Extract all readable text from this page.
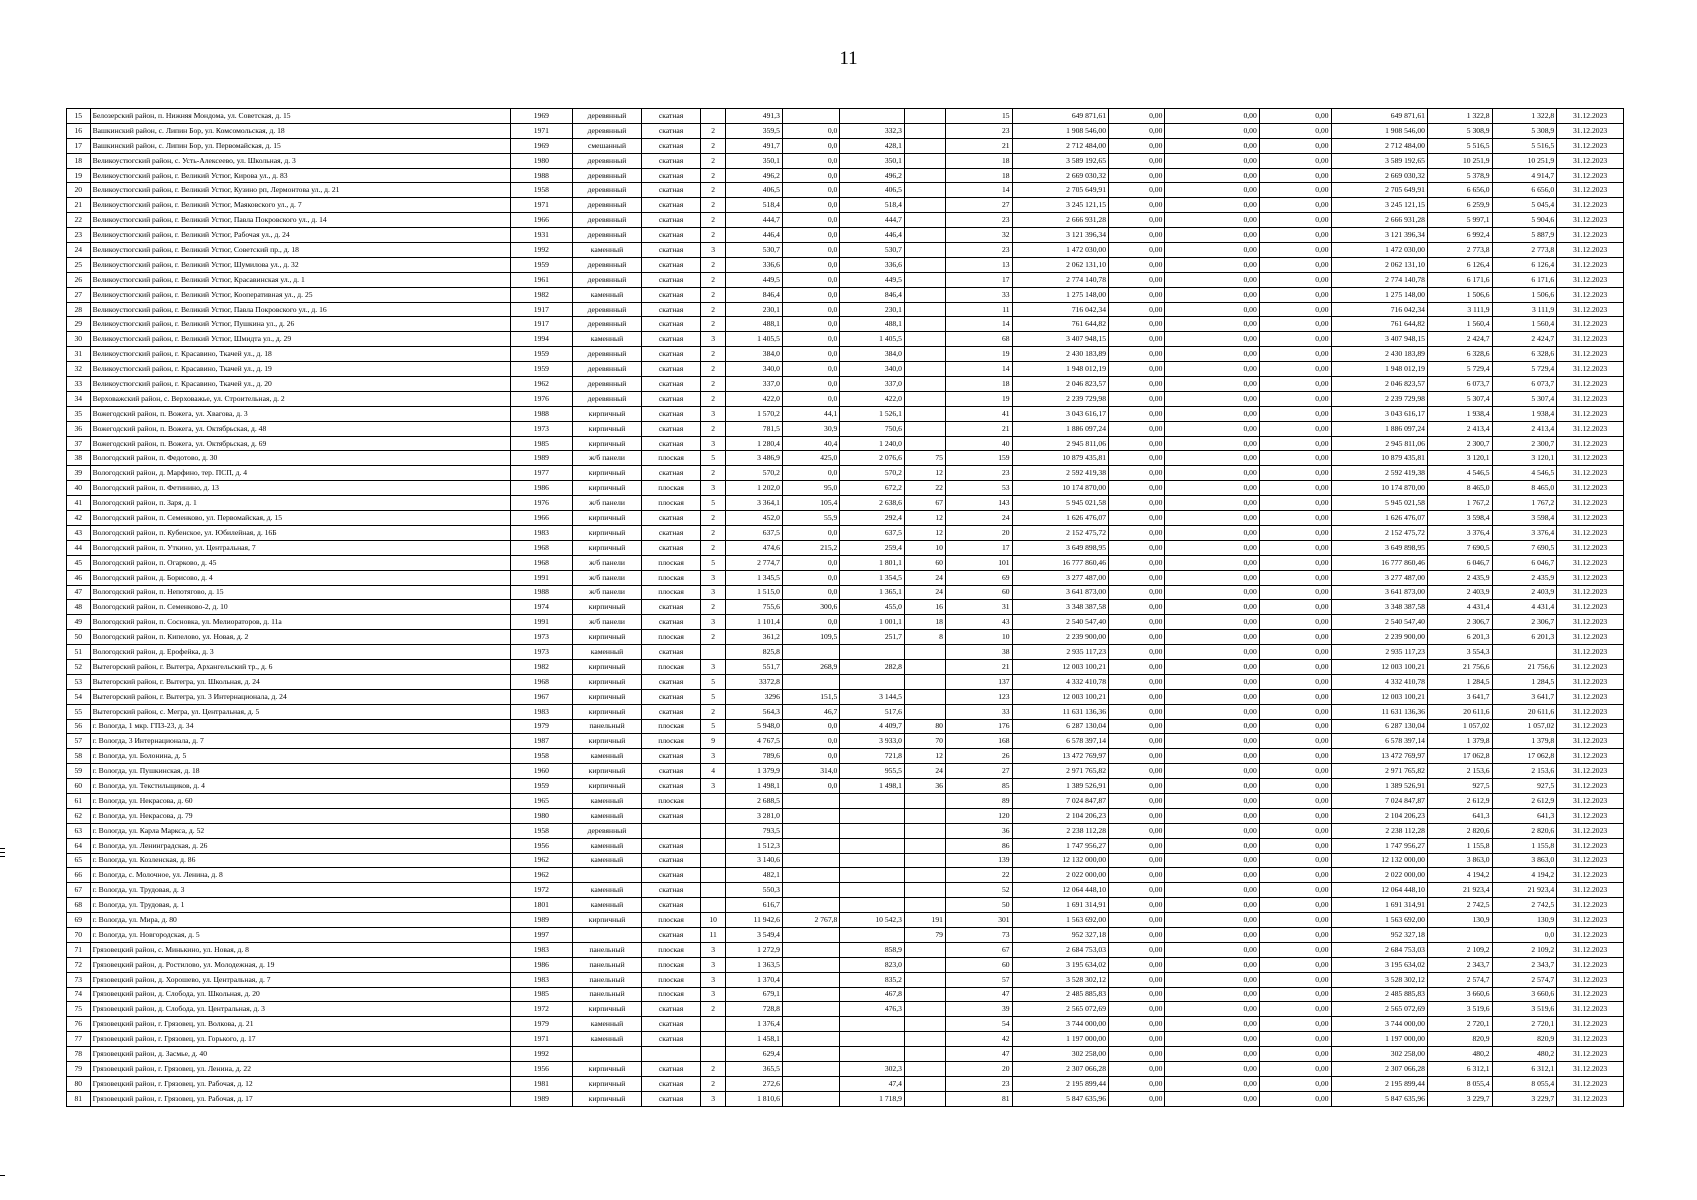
11
15	Белозерский район, п. Нижняя Мондома, ул. Советская, д. 15	1969	деревянный	скатная		491,3				15	649 871,61	0,00	0,00	0,00	649 871,61	1 322,8	1 322,8	31.12.2023
16	Вашкинский район, с. Липин Бор, ул. Комсомольская, д. 18	1971	деревянный	скатная	2	359,5	0,0	332,3		23	1 908 546,00	0,00	0,00	0,00	1 908 546,00	5 308,9	5 308,9	31.12.2023
17	Вашкинский район, с. Липин Бор, ул. Первомайская, д. 15	1969	смешанный	скатная	2	491,7	0,0	428,1		21	2 712 484,00	0,00	0,00	0,00	2 712 484,00	5 516,5	5 516,5	31.12.2023
18	Великоустюгский район, с. Усть-Алексеево, ул. Школьная, д. 3	1980	деревянный	скатная	2	350,1	0,0	350,1		18	3 589 192,65	0,00	0,00	0,00	3 589 192,65	10 251,9	10 251,9	31.12.2023
19	Великоустюгский район, г. Великий Устюг, Кирова ул., д. 83	1988	деревянный	скатная	2	496,2	0,0	496,2		18	2 669 030,32	0,00	0,00	0,00	2 669 030,32	5 378,9	4 914,7	31.12.2023
20	Великоустюгский район, г. Великий Устюг, Кузино рп, Лермонтова ул., д. 21	1958	деревянный	скатная	2	406,5	0,0	406,5		14	2 705 649,91	0,00	0,00	0,00	2 705 649,91	6 656,0	6 656,0	31.12.2023
21	Великоустюгский район, г. Великий Устюг, Маяковского ул., д. 7	1971	деревянный	скатная	2	518,4	0,0	518,4		27	3 245 121,15	0,00	0,00	0,00	3 245 121,15	6 259,9	5 045,4	31.12.2023
22	Великоустюгский район, г. Великий Устюг, Павла Покровского ул., д. 14	1966	деревянный	скатная	2	444,7	0,0	444,7		23	2 666 931,28	0,00	0,00	0,00	2 666 931,28	5 997,1	5 904,6	31.12.2023
23	Великоустюгский район, г. Великий Устюг, Рабочая ул., д. 24	1931	деревянный	скатная	2	446,4	0,0	446,4		32	3 121 396,34	0,00	0,00	0,00	3 121 396,34	6 992,4	5 887,9	31.12.2023
24	Великоустюгский район, г. Великий Устюг, Советский пр., д. 18	1992	каменный	скатная	3	530,7	0,0	530,7		23	1 472 030,00	0,00	0,00	0,00	1 472 030,00	2 773,8	2 773,8	31.12.2023
25	Великоустюгский район, г. Великий Устюг, Шумилова ул., д. 32	1959	деревянный	скатная	2	336,6	0,0	336,6		13	2 062 131,10	0,00	0,00	0,00	2 062 131,10	6 126,4	6 126,4	31.12.2023
26	Великоустюгский район, г. Великий Устюг, Красавинская ул., д. 1	1961	деревянный	скатная	2	449,5	0,0	449,5		17	2 774 140,78	0,00	0,00	0,00	2 774 140,78	6 171,6	6 171,6	31.12.2023
27	Великоустюгский район, г. Великий Устюг, Кооперативная ул., д. 25	1982	каменный	скатная	2	846,4	0,0	846,4		33	1 275 148,00	0,00	0,00	0,00	1 275 148,00	1 506,6	1 506,6	31.12.2023
28	Великоустюгский район, г. Великий Устюг, Павла Покровского ул., д. 16	1917	деревянный	скатная	2	230,1	0,0	230,1		11	716 042,34	0,00	0,00	0,00	716 042,34	3 111,9	3 111,9	31.12.2023
29	Великоустюгский район, г. Великий Устюг, Пушкина ул., д. 26	1917	деревянный	скатная	2	488,1	0,0	488,1		14	761 644,82	0,00	0,00	0,00	761 644,82	1 560,4	1 560,4	31.12.2023
30	Великоустюгский район, г. Великий Устюг, Шмидта ул., д. 29	1994	каменный	скатная	3	1 405,5	0,0	1 405,5		68	3 407 948,15	0,00	0,00	0,00	3 407 948,15	2 424,7	2 424,7	31.12.2023
31	Великоустюгский район, г. Красавино, Ткачей ул., д. 18	1959	деревянный	скатная	2	384,0	0,0	384,0		19	2 430 183,89	0,00	0,00	0,00	2 430 183,89	6 328,6	6 328,6	31.12.2023
32	Великоустюгский район, г. Красавино, Ткачей ул., д. 19	1959	деревянный	скатная	2	340,0	0,0	340,0		14	1 948 012,19	0,00	0,00	0,00	1 948 012,19	5 729,4	5 729,4	31.12.2023
33	Великоустюгский район, г. Красавино, Ткачей ул., д. 20	1962	деревянный	скатная	2	337,0	0,0	337,0		18	2 046 823,57	0,00	0,00	0,00	2 046 823,57	6 073,7	6 073,7	31.12.2023
34	Верховажский район, с. Верховажье, ул. Строительная, д. 2	1976	деревянный	скатная	2	422,0	0,0	422,0		19	2 239 729,98	0,00	0,00	0,00	2 239 729,98	5 307,4	5 307,4	31.12.2023
35	Вожегодский район, п. Вожега, ул. Хвагова, д. 3	1988	кирпичный	скатная	3	1 570,2	44,1	1 526,1		41	3 043 616,17	0,00	0,00	0,00	3 043 616,17	1 938,4	1 938,4	31.12.2023
36	Вожегодский район, п. Вожега, ул. Октябрьская, д. 48	1973	кирпичный	скатная	2	781,5	30,9	750,6		21	1 886 097,24	0,00	0,00	0,00	1 886 097,24	2 413,4	2 413,4	31.12.2023
37	Вожегодский район, п. Вожега, ул. Октябрьская, д. 69	1985	кирпичный	скатная	3	1 280,4	40,4	1 240,0		40	2 945 811,06	0,00	0,00	0,00	2 945 811,06	2 300,7	2 300,7	31.12.2023
38	Вологодский район, п. Федотово, д. 30	1989	ж/б панели	плоская	5	3 486,9	425,0	2 076,6	75	159	10 879 435,81	0,00	0,00	0,00	10 879 435,81	3 120,1	3 120,1	31.12.2023
39	Вологодский район, д. Марфино, тер. ПСП, д. 4	1977	кирпичный	скатная	2	570,2	0,0	570,2	12	23	2 592 419,38	0,00	0,00	0,00	2 592 419,38	4 546,5	4 546,5	31.12.2023
40	Вологодский район, п. Фетинино, д. 13	1986	кирпичный	плоская	3	1 202,0	95,0	672,2	22	53	10 174 870,00	0,00	0,00	0,00	10 174 870,00	8 465,0	8 465,0	31.12.2023
41	Вологодский район, п. Заря, д. 1	1976	ж/б панели	плоская	5	3 364,1	105,4	2 638,6	67	143	5 945 021,58	0,00	0,00	0,00	5 945 021,58	1 767,2	1 767,2	31.12.2023
42	Вологодский район, п. Семенково, ул. Первомайская, д. 15	1966	кирпичный	скатная	2	452,0	55,9	292,4	12	24	1 626 476,07	0,00	0,00	0,00	1 626 476,07	3 598,4	3 598,4	31.12.2023
43	Вологодский район, п. Кубенское, ул. Юбилейная, д. 16Б	1983	кирпичный	скатная	2	637,5	0,0	637,5	12	20	2 152 475,72	0,00	0,00	0,00	2 152 475,72	3 376,4	3 376,4	31.12.2023
44	Вологодский район, п. Уткино, ул. Центральная, 7	1968	кирпичный	скатная	2	474,6	215,2	259,4	10	17	3 649 898,95	0,00	0,00	0,00	3 649 898,95	7 690,5	7 690,5	31.12.2023
45	Вологодский район, п. Огарково, д. 45	1968	ж/б панели	плоская	5	2 774,7	0,0	1 801,1	60	101	16 777 860,46	0,00	0,00	0,00	16 777 860,46	6 046,7	6 046,7	31.12.2023
46	Вологодский район, д. Борисово, д. 4	1991	ж/б панели	плоская	3	1 345,5	0,0	1 354,5	24	69	3 277 487,00	0,00	0,00	0,00	3 277 487,00	2 435,9	2 435,9	31.12.2023
47	Вологодский район, п. Непотягово, д. 15	1988	ж/б панели	плоская	3	1 515,0	0,0	1 365,1	24	60	3 641 873,00	0,00	0,00	0,00	3 641 873,00	2 403,9	2 403,9	31.12.2023
48	Вологодский район, п. Семенково-2, д. 10	1974	кирпичный	скатная	2	755,6	300,6	455,0	16	31	3 348 387,58	0,00	0,00	0,00	3 348 387,58	4 431,4	4 431,4	31.12.2023
49	Вологодский район, п. Сосновка, ул. Мелиораторов, д. 11а	1991	ж/б панели	скатная	3	1 101,4	0,0	1 001,1	18	43	2 540 547,40	0,00	0,00	0,00	2 540 547,40	2 306,7	2 306,7	31.12.2023
50	Вологодский район, п. Кипелово, ул. Новая, д. 2	1973	кирпичный	плоская	2	361,2	109,5	251,7	8	10	2 239 900,00	0,00	0,00	0,00	2 239 900,00	6 201,3	6 201,3	31.12.2023
51	Вологодский район, д. Ерофейка, д. 3	1973	каменный	скатная		825,8				38	2 935 117,23	0,00	0,00	0,00	2 935 117,23	3 554,3		31.12.2023
52	Вытегорский район, г. Вытегра, Архангельский тр., д. 6	1982	кирпичный	плоская	3	551,7	268,9	282,8		21	12 003 100,21	0,00	0,00	0,00	12 003 100,21	21 756,6	21 756,6	31.12.2023
53	Вытегорский район, г. Вытегра, ул. Школьная, д. 24	1968	кирпичный	скатная	5	3372,8				137	4 332 410,78	0,00	0,00	0,00	4 332 410,78	1 284,5	1 284,5	31.12.2023
54	Вытегорский район, г. Вытегра, ул. 3 Интернационала, д. 24	1967	кирпичный	скатная	5	3296	151,5	3 144,5		123	12 003 100,21	0,00	0,00	0,00	12 003 100,21	3 641,7	3 641,7	31.12.2023
55	Вытегорский район, с. Мегра, ул. Центральная, д. 5	1983	кирпичный	скатная	2	564,3	46,7	517,6		33	11 631 136,36	0,00	0,00	0,00	11 631 136,36	20 611,6	20 611,6	31.12.2023
56	г. Вологда, 1 мкр. ГПЗ-23, д. 34	1979	панельный	плоская	5	5 948,0	0,0	4 409,7	80	176	6 287 130,04	0,00	0,00	0,00	6 287 130,04	1 057,02	1 057,02	31.12.2023
57	г. Вологда, 3 Интернационала, д. 7	1987	кирпичный	плоская	9	4 767,5	0,0	3 933,0	70	168	6 578 397,14	0,00	0,00	0,00	6 578 397,14	1 379,8	1 379,8	31.12.2023
58	г. Вологда, ул. Болонина, д. 5	1958	каменный	скатная	3	789,6	0,0	721,8	12	26	13 472 769,97	0,00	0,00	0,00	13 472 769,97	17 062,8	17 062,8	31.12.2023
59	г. Вологда, ул. Пушкинская, д. 18	1960	кирпичный	скатная	4	1 379,9	314,0	955,5	24	27	2 971 765,82	0,00	0,00	0,00	2 971 765,82	2 153,6	2 153,6	31.12.2023
60	г. Вологда, ул. Текстильщиков, д. 4	1959	кирпичный	скатная	3	1 498,1	0,0	1 498,1	36	85	1 389 526,91	0,00	0,00	0,00	1 389 526,91	927,5	927,5	31.12.2023
61	г. Вологда, ул. Некрасова, д. 60	1965	каменный	плоская		2 688,5				89	7 024 847,87	0,00	0,00	0,00	7 024 847,87	2 612,9	2 612,9	31.12.2023
62	г. Вологда, ул. Некрасова, д. 79	1980	каменный	скатная		3 281,0				120	2 104 206,23	0,00	0,00	0,00	2 104 206,23	641,3	641,3	31.12.2023
63	г. Вологда, ул. Карла Маркса, д. 52	1958	деревянный			793,5				36	2 238 112,28	0,00	0,00	0,00	2 238 112,28	2 820,6	2 820,6	31.12.2023
64	г. Вологда, ул. Ленинградская, д. 26	1956	каменный	скатная		1 512,3				86	1 747 956,27	0,00	0,00	0,00	1 747 956,27	1 155,8	1 155,8	31.12.2023
65	г. Вологда, ул. Козленская, д. 86	1962	каменный	скатная		3 140,6				139	12 132 000,00	0,00	0,00	0,00	12 132 000,00	3 863,0	3 863,0	31.12.2023
66	г. Вологда, с. Молочное, ул. Ленина, д. 8	1962		скатная		482,1				22	2 022 000,00	0,00	0,00	0,00	2 022 000,00	4 194,2	4 194,2	31.12.2023
67	г. Вологда, ул. Трудовая, д. 3	1972	каменный	скатная		550,3				52	12 064 448,10	0,00	0,00	0,00	12 064 448,10	21 923,4	21 923,4	31.12.2023
68	г. Вологда, ул. Трудовая, д. 1	1801	каменный	скатная		616,7				50	1 691 314,91	0,00	0,00	0,00	1 691 314,91	2 742,5	2 742,5	31.12.2023
69	г. Вологда, ул. Мира, д. 80	1989	кирпичный	плоская	10	11 942,6	2 767,8	10 542,3	191	301	1 563 692,00	0,00	0,00	0,00	1 563 692,00	130,9	130,9	31.12.2023
70	г. Вологда, ул. Новгородская, д. 5	1997		скатная	11	3 549,4			79	73	952 327,18	0,00	0,00	0,00	952 327,18		0,0	31.12.2023
71	Грязовецкий район, с. Минькино, ул. Новая, д. 8	1983	панельный	плоская	3	1 272,9		858,9		67	2 684 753,03	0,00	0,00	0,00	2 684 753,03	2 109,2	2 109,2	31.12.2023
72	Грязовецкий район, д. Ростилово, ул. Молодежная, д. 19	1986	панельный	плоская	3	1 363,5		823,0		60	3 195 634,02	0,00	0,00	0,00	3 195 634,02	2 343,7	2 343,7	31.12.2023
73	Грязовецкий район, д. Хорошево, ул. Центральная, д. 7	1983	панельный	плоская	3	1 370,4		835,2		57	3 528 302,12	0,00	0,00	0,00	3 528 302,12	2 574,7	2 574,7	31.12.2023
74	Грязовецкий район, д. Слобода, ул. Школьная, д. 20	1985	панельный	плоская	3	679,1		467,8		47	2 485 885,83	0,00	0,00	0,00	2 485 885,83	3 660,6	3 660,6	31.12.2023
75	Грязовецкий район, д. Слобода, ул. Центральная, д. 3	1972	кирпичный	скатная	2	728,8		476,3		39	2 565 072,69	0,00	0,00	0,00	2 565 072,69	3 519,6	3 519,6	31.12.2023
76	Грязовецкий район, г. Грязовец, ул. Волкова, д. 21	1979	каменный	скатная		1 376,4				54	3 744 000,00	0,00	0,00	0,00	3 744 000,00	2 720,1	2 720,1	31.12.2023
77	Грязовецкий район, г. Грязовец, ул. Горького, д. 17	1971	каменный	скатная		1 458,1				42	1 197 000,00	0,00	0,00	0,00	1 197 000,00	820,9	820,9	31.12.2023
78	Грязовецкий район, д. Засмье, д. 40	1992				629,4				47	302 258,00	0,00	0,00	0,00	302 258,00	480,2	480,2	31.12.2023
79	Грязовецкий район, г. Грязовец, ул. Ленина, д. 22	1956	кирпичный	скатная	2	365,5		302,3		20	2 307 066,28	0,00	0,00	0,00	2 307 066,28	6 312,1	6 312,1	31.12.2023
80	Грязовецкий район, г. Грязовец, ул. Рабочая, д. 12	1981	кирпичный	скатная	2	272,6		47,4		23	2 195 899,44	0,00	0,00	0,00	2 195 899,44	8 055,4	8 055,4	31.12.2023
81	Грязовецкий район, г. Грязовец, ул. Рабочая, д. 17	1989	кирпичный	скатная	3	1 810,6		1 718,9		81	5 847 635,96	0,00	0,00	0,00	5 847 635,96	3 229,7	3 229,7	31.12.2023
